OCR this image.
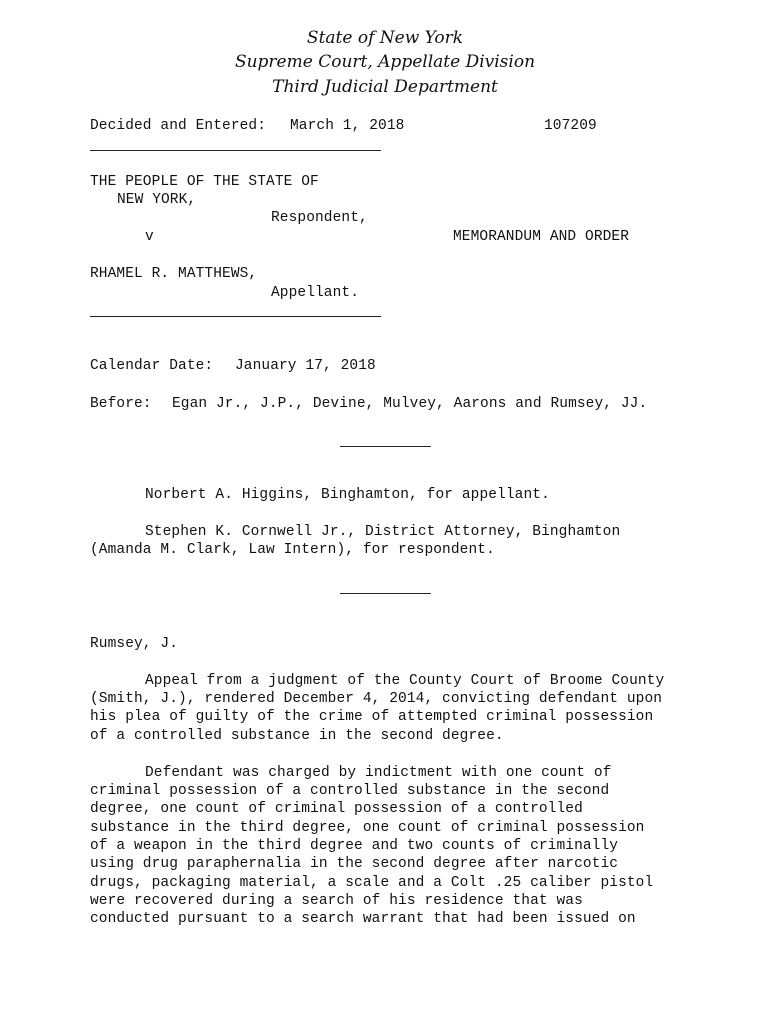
State of New York
Supreme Court, Appellate Division
Third Judicial Department
Decided and Entered: March 1, 2018	107209
THE PEOPLE OF THE STATE OF
NEW YORK,
Respondent,
v	MEMORANDUM AND ORDER
RHAMEL R. MATTHEWS,
Appellant.
Calendar Date: January 17, 2018
Before: Egan Jr., J.P., Devine, Mulvey, Aarons and Rumsey, JJ.
Norbert A. Higgins, Binghamton, for appellant.
Stephen K. Cornwell Jr., District Attorney, Binghamton
(Amanda M. Clark, Law Intern), for respondent.
Rumsey, J.
Appeal from a judgment of the County Court of Broome County
(Smith, J.), rendered December 4, 2014, convicting defendant upon
his plea of guilty of the crime of attempted criminal possession
of a controlled substance in the second degree.
Defendant was charged by indictment with one count of
criminal possession of a controlled substance in the second
degree, one count of criminal possession of a controlled
substance in the third degree, one count of criminal possession
of a weapon in the third degree and two counts of criminally
using drug paraphernalia in the second degree after narcotic
drugs, packaging material, a scale and a Colt .25 caliber pistol
were recovered during a search of his residence that was
conducted pursuant to a search warrant that had been issued on
